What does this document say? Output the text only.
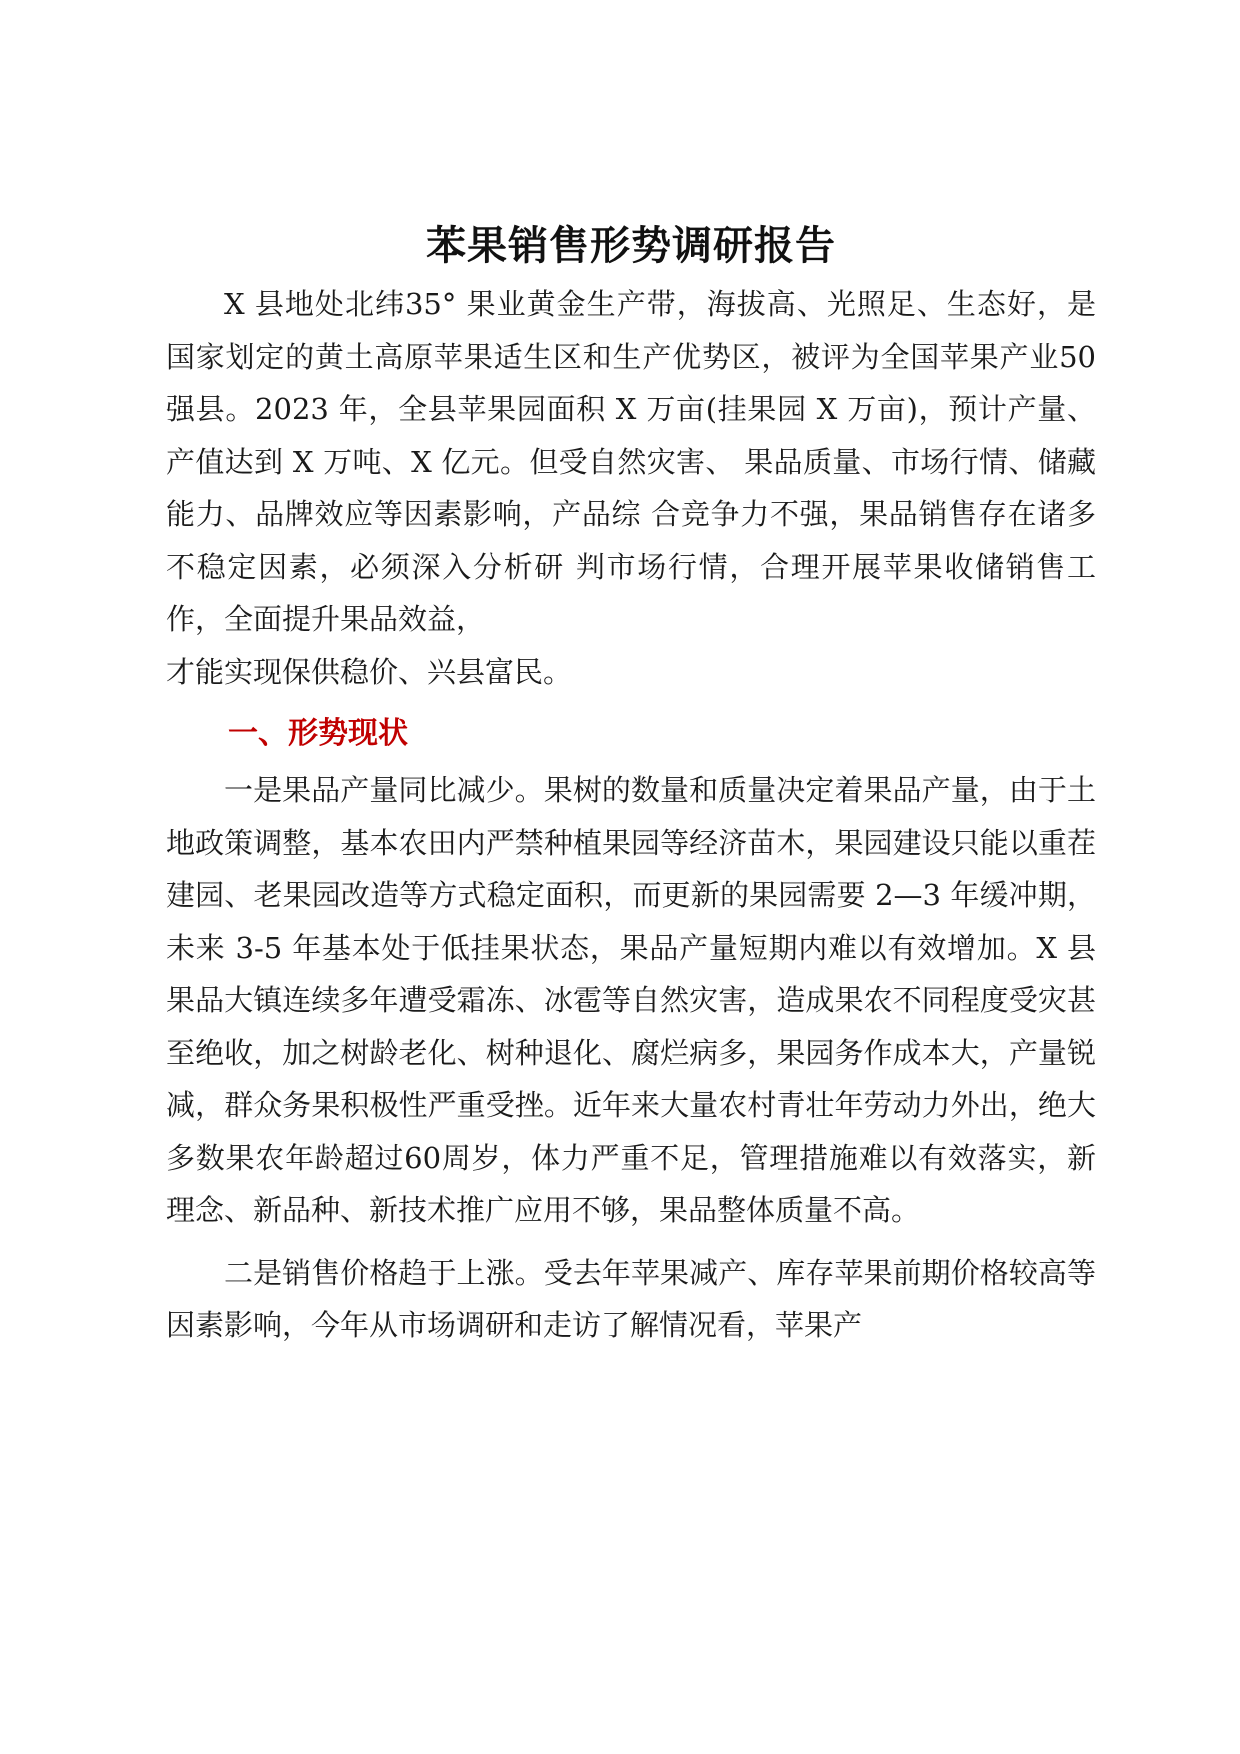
苯果销售形势调研报告

X 县地处北纬35° 果业黄金生产带，海拔高、光照足、生态好，是国家划定的黄土高原苹果适生区和生产优势区，被评为全国苹果产业50 强县。2023 年，全县苹果园面积 X 万亩(挂果园 X 万亩)，预计产量、产值达到 X 万吨、X 亿元。但受自然灾害、 果品质量、市场行情、储藏能力、品牌效应等因素影响，产品综 合竞争力不强，果品销售存在诸多不稳定因素，必须深入分析研 判市场行情，合理开展苹果收储销售工作，全面提升果品效益，

才能实现保供稳价、兴县富民。

一、形势现状

一是果品产量同比减少。果树的数量和质量决定着果品产量，由于土地政策调整，基本农田内严禁种植果园等经济苗木，果园建设只能以重茬建园、老果园改造等方式稳定面积，而更新的果园需要 2—3 年缓冲期，未来 3-5 年基本处于低挂果状态，果品产量短期内难以有效增加。X 县果品大镇连续多年遭受霜冻、冰雹等自然灾害，造成果农不同程度受灾甚至绝收，加之树龄老化、树种退化、腐烂病多，果园务作成本大，产量锐减，群众务果积极性严重受挫。近年来大量农村青壮年劳动力外出，绝大多数果农年龄超过60周岁，体力严重不足，管理措施难以有效落实，新理念、新品种、新技术推广应用不够，果品整体质量不高。

二是销售价格趋于上涨。受去年苹果减产、库存苹果前期价格较高等因素影响，今年从市场调研和走访了解情况看，苹果产
